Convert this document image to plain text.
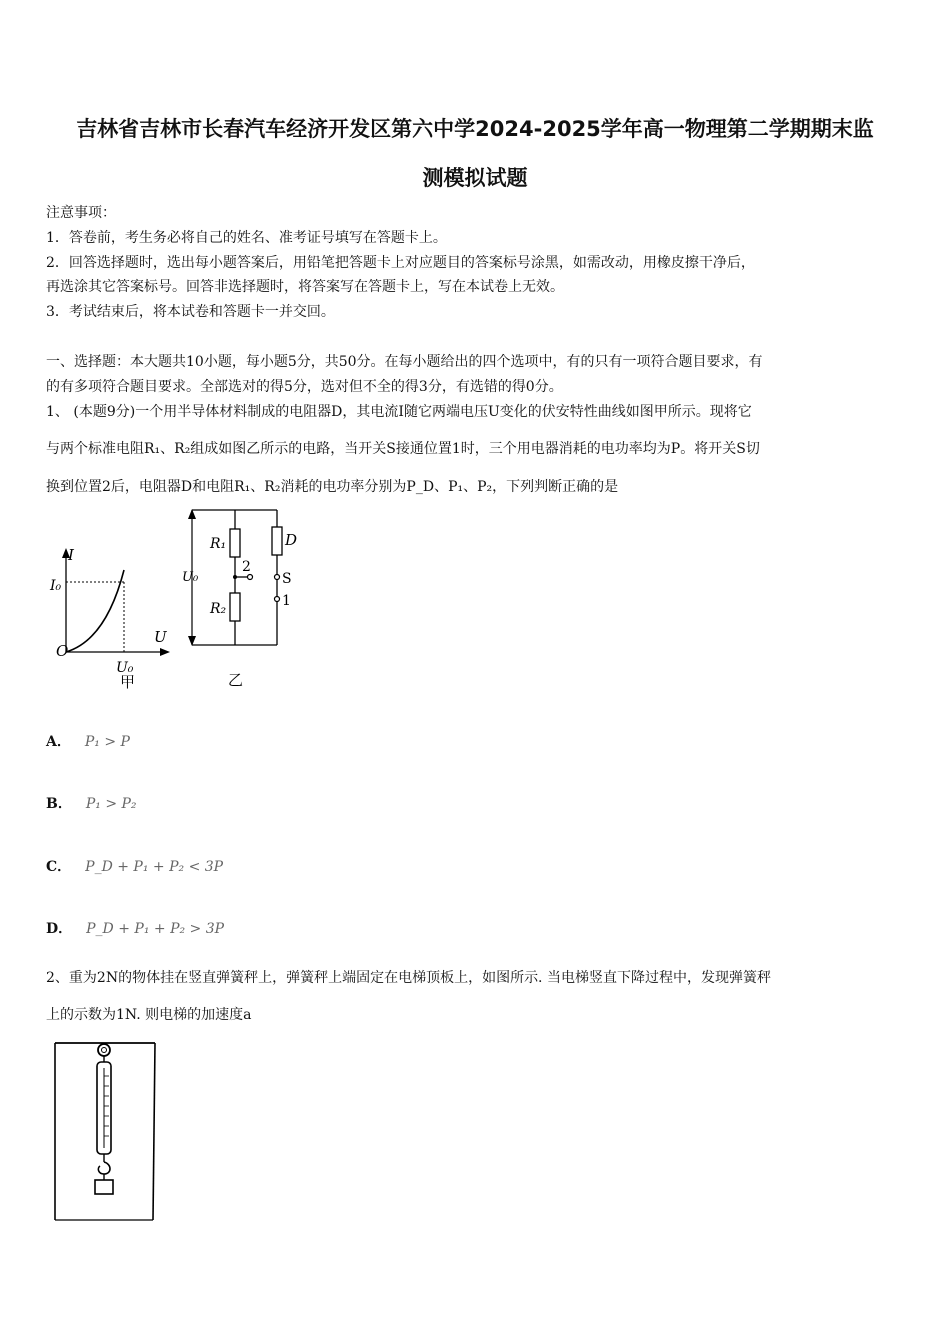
吉林省吉林市长春汽车经济开发区第六中学2024-2025学年高一物理第二学期期末监
测模拟试题
注意事项：
1．答卷前，考生务必将自己的姓名、准考证号填写在答题卡上。
2．回答选择题时，选出每小题答案后，用铅笔把答题卡上对应题目的答案标号涂黑，如需改动，用橡皮擦干净后，
再选涂其它答案标号。回答非选择题时，将答案写在答题卡上，写在本试卷上无效。
3．考试结束后，将本试卷和答题卡一并交回。
一、选择题：本大题共10小题，每小题5分，共50分。在每小题给出的四个选项中，有的只有一项符合题目要求，有
的有多项符合题目要求。全部选对的得5分，选对但不全的得3分，有选错的得0分。
1、 (本题9分)一个用半导体材料制成的电阻器D，其电流I随它两端电压U变化的伏安特性曲线如图甲所示。现将它
与两个标准电阻R₁、R₂组成如图乙所示的电路，当开关S接通位置1时，三个用电器消耗的电功率均为P。将开关S切
换到位置2后，电阻器D和电阻R₁、R₂消耗的电功率分别为P_D、P₁、P₂，下列判断正确的是
I
I₀
U
U₀
O
甲
R₁
R₂
D
U₀	S
1
2
乙
A． 𝑃₁ > 𝑃
B． 𝑃₁ > 𝑃₂
C． 𝑃_D + 𝑃₁ + 𝑃₂ < 3𝑃
D． 𝑃_D + 𝑃₁ + 𝑃₂ > 3𝑃
2、重为2N的物体挂在竖直弹簧秤上，弹簧秤上端固定在电梯顶板上，如图所示. 当电梯竖直下降过程中，发现弹簧秤
上的示数为1N. 则电梯的加速度a
